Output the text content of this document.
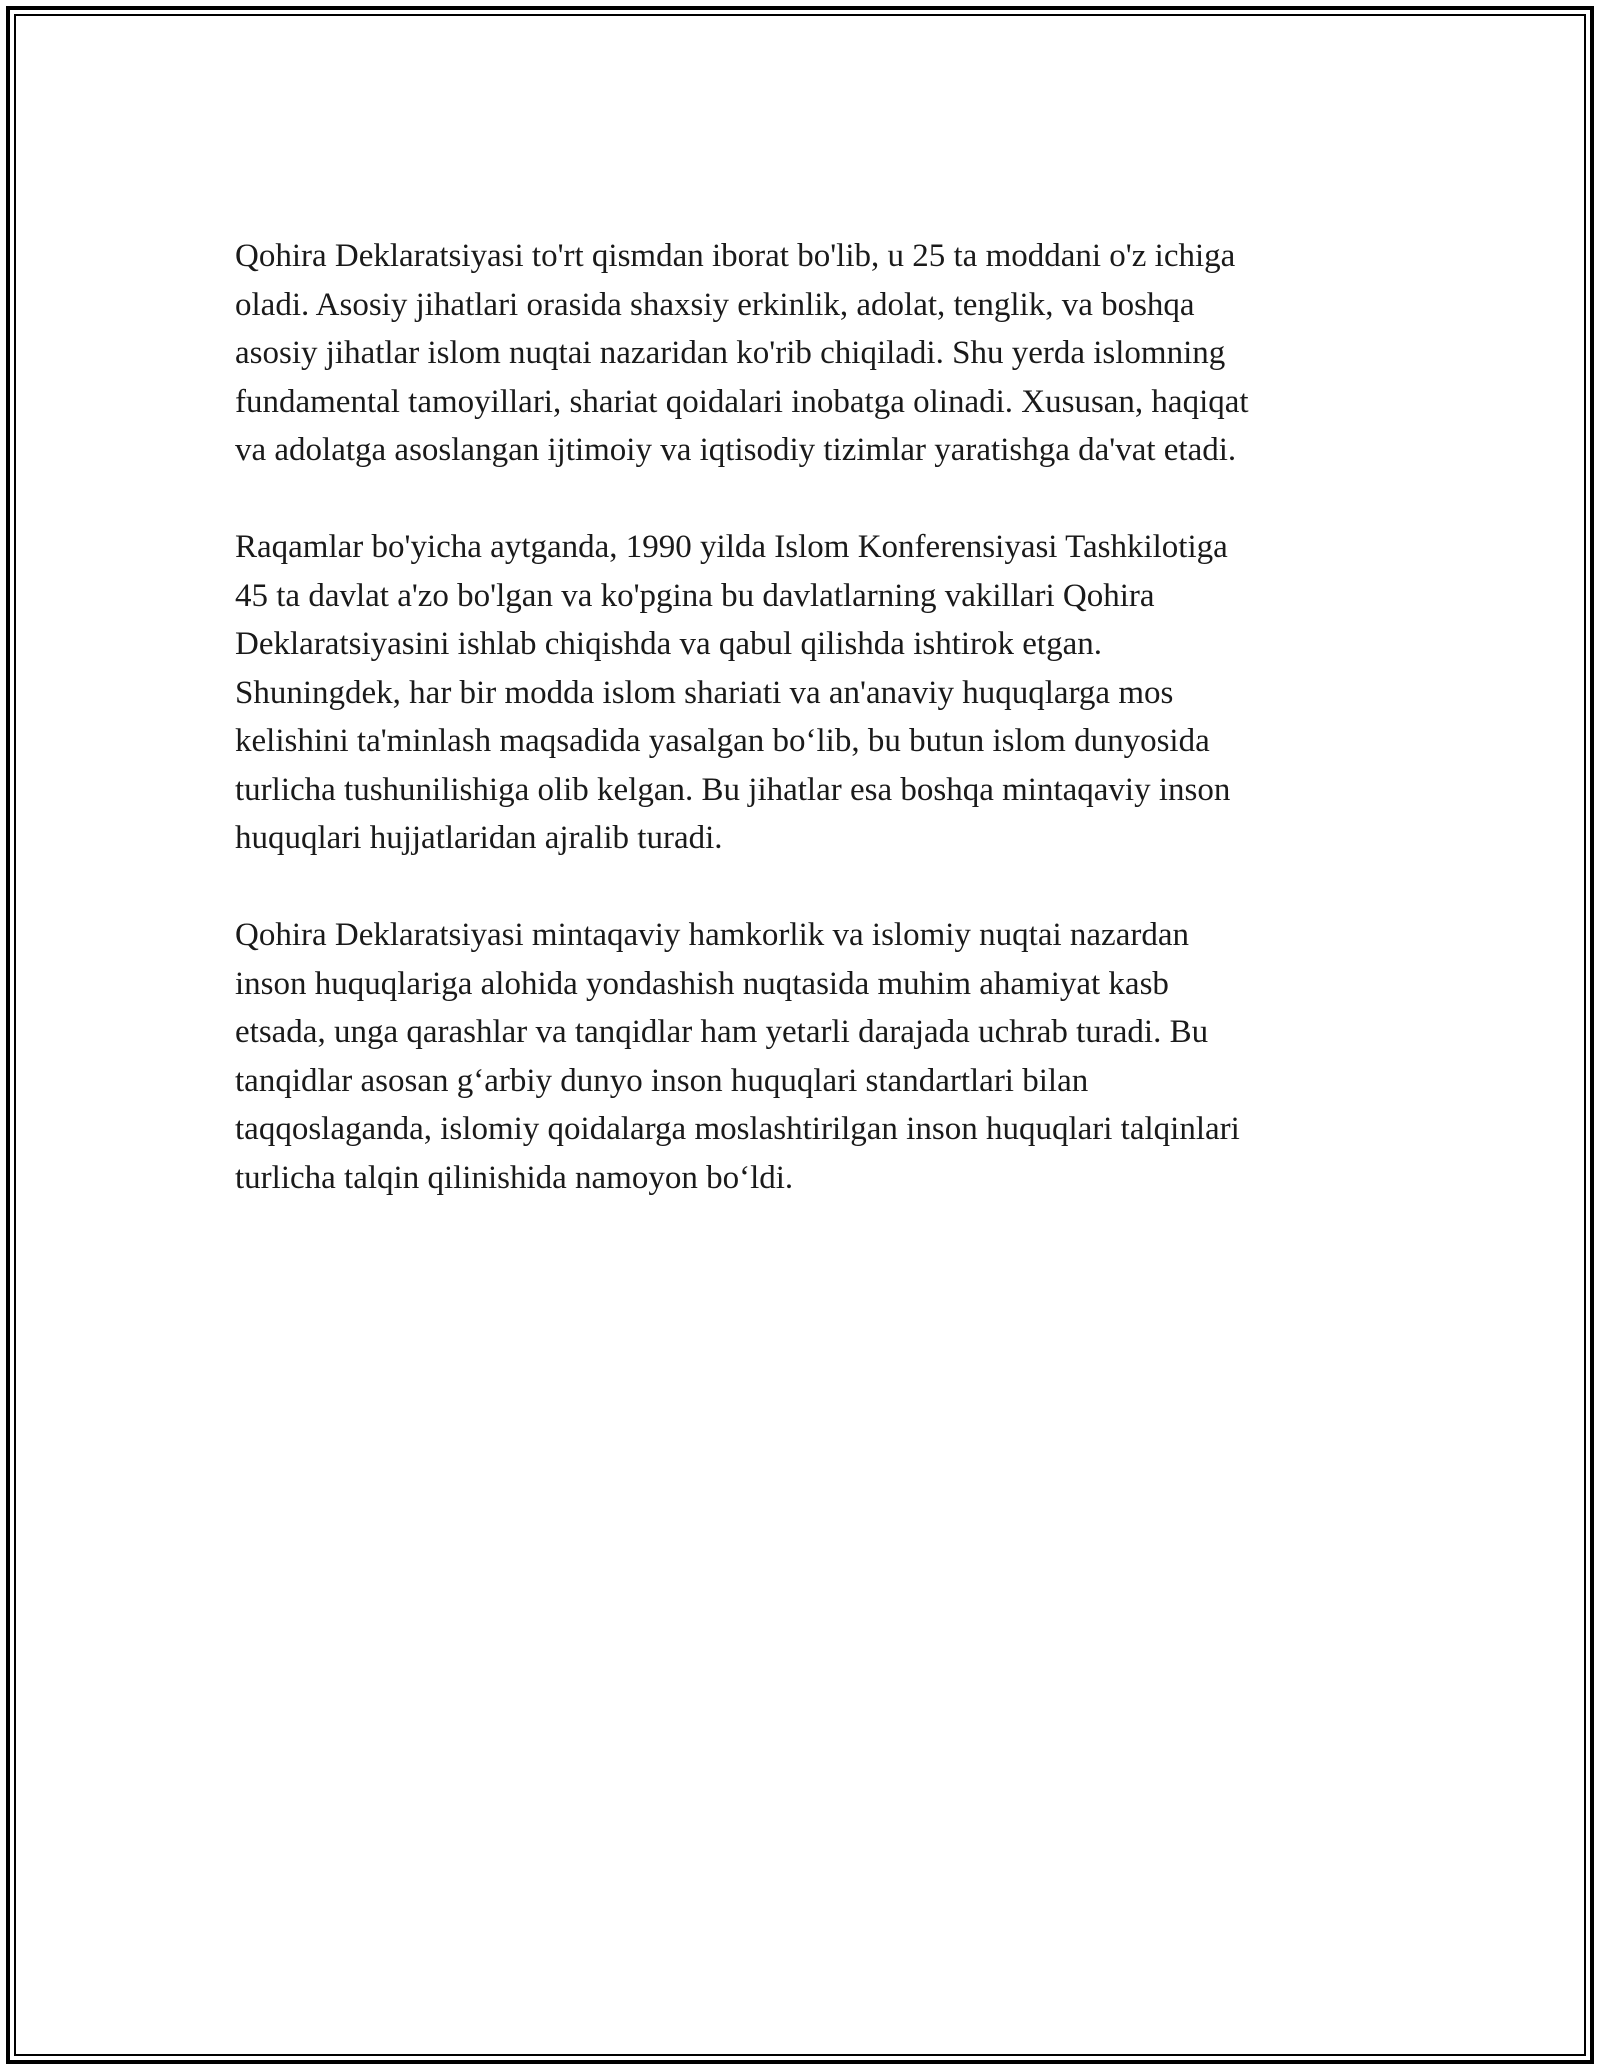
Qohira Deklaratsiyasi to'rt qismdan iborat bo'lib, u 25 ta moddani o'z ichiga
oladi. Asosiy jihatlari orasida shaxsiy erkinlik, adolat, tenglik, va boshqa
asosiy jihatlar islom nuqtai nazaridan ko'rib chiqiladi. Shu yerda islomning
fundamental tamoyillari, shariat qoidalari inobatga olinadi. Xususan, haqiqat
va adolatga asoslangan ijtimoiy va iqtisodiy tizimlar yaratishga da'vat etadi.

Raqamlar bo'yicha aytganda, 1990 yilda Islom Konferensiyasi Tashkilotiga
45 ta davlat a'zo bo'lgan va ko'pgina bu davlatlarning vakillari Qohira
Deklaratsiyasini ishlab chiqishda va qabul qilishda ishtirok etgan.
Shuningdek, har bir modda islom shariati va an'anaviy huquqlarga mos
kelishini ta'minlash maqsadida yasalgan bo‘lib, bu butun islom dunyosida
turlicha tushunilishiga olib kelgan. Bu jihatlar esa boshqa mintaqaviy inson
huquqlari hujjatlaridan ajralib turadi.

Qohira Deklaratsiyasi mintaqaviy hamkorlik va islomiy nuqtai nazardan
inson huquqlariga alohida yondashish nuqtasida muhim ahamiyat kasb
etsada, unga qarashlar va tanqidlar ham yetarli darajada uchrab turadi. Bu
tanqidlar asosan g‘arbiy dunyo inson huquqlari standartlari bilan
taqqoslaganda, islomiy qoidalarga moslashtirilgan inson huquqlari talqinlari
turlicha talqin qilinishida namoyon bo‘ldi.
